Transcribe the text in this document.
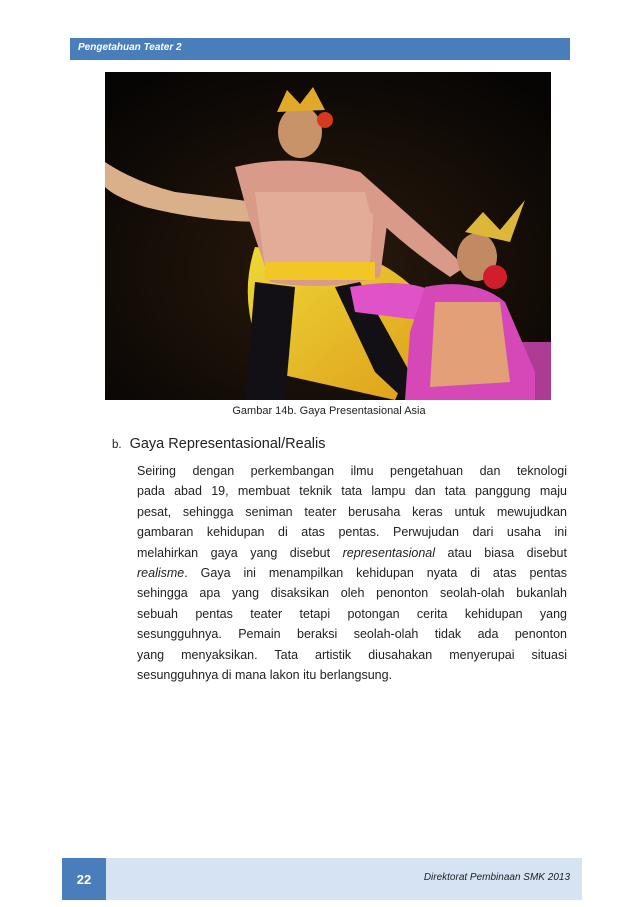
Pengetahuan Teater 2
Gambar 14b. Gaya Presentasional Asia
b. Gaya Representasional/Realis
Seiring dengan perkembangan ilmu pengetahuan dan teknologi
pada abad 19, membuat teknik tata lampu dan tata panggung maju
pesat, sehingga seniman teater berusaha keras untuk mewujudkan
gambaran kehidupan di atas pentas. Perwujudan dari usaha ini
melahirkan gaya yang disebut representasional atau biasa disebut
realisme. Gaya ini menampilkan kehidupan nyata di atas pentas
sehingga apa yang disaksikan oleh penonton seolah-olah bukanlah
sebuah pentas teater tetapi potongan cerita kehidupan yang
sesungguhnya. Pemain beraksi seolah-olah tidak ada penonton
yang menyaksikan. Tata artistik diusahakan menyerupai situasi
sesungguhnya di mana lakon itu berlangsung.
22	Direktorat Pembinaan SMK 2013
